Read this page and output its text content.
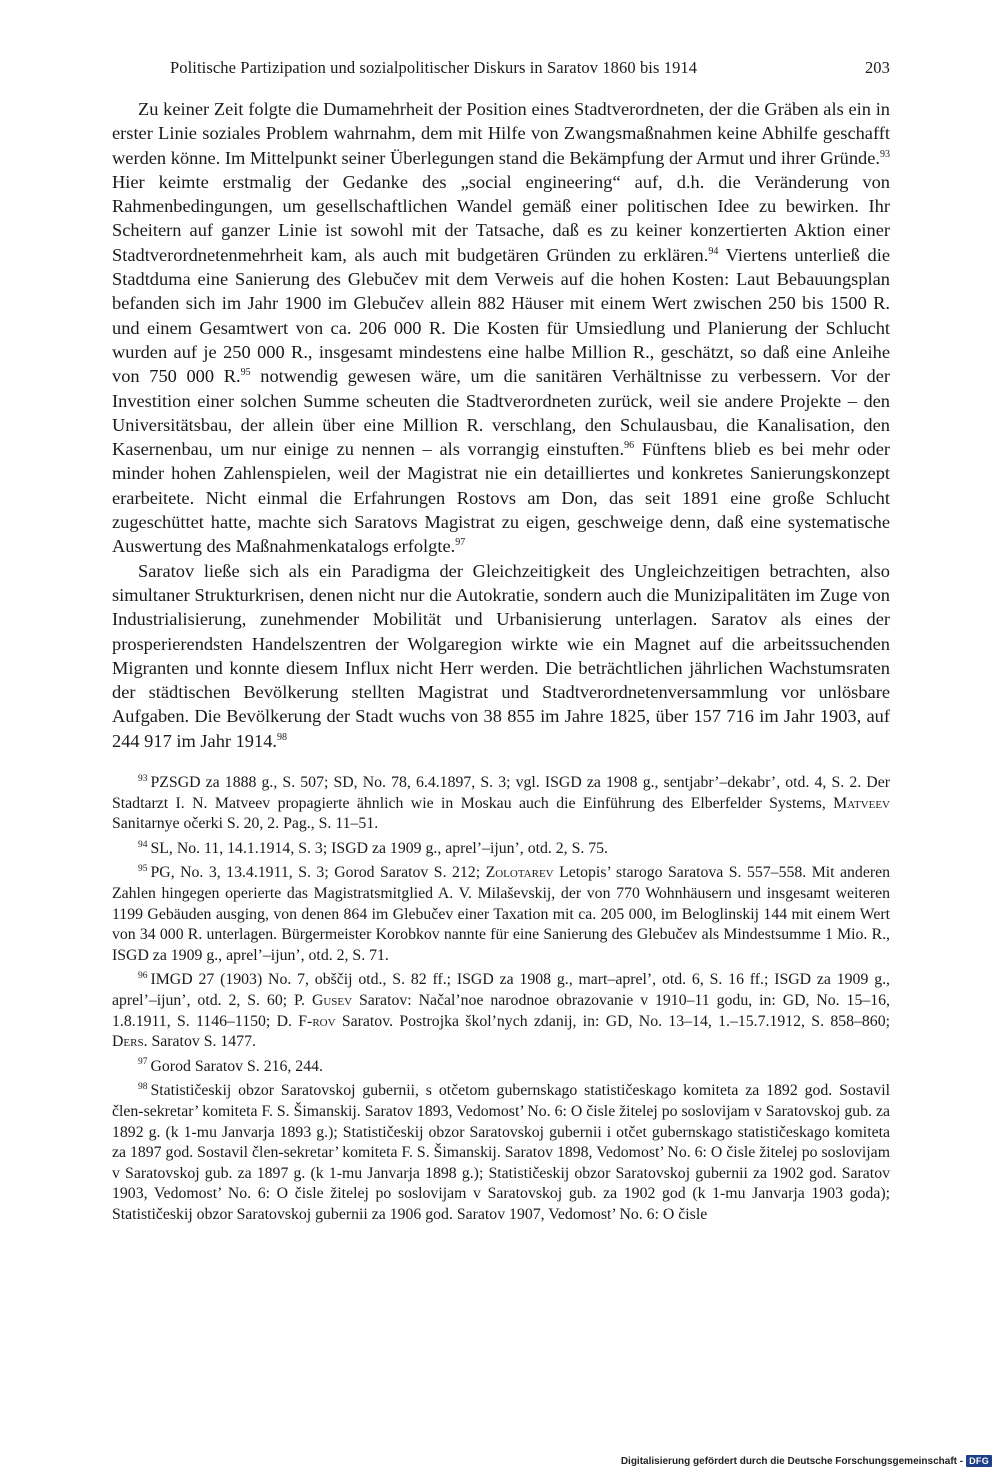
Politische Partizipation und sozialpolitischer Diskurs in Saratov 1860 bis 1914	203

Zu keiner Zeit folgte die Dumamehrheit der Position eines Stadtverordneten, der die Gräben als ein in erster Linie soziales Problem wahrnahm, dem mit Hilfe von Zwangsmaßnahmen keine Abhilfe geschafft werden könne. Im Mittelpunkt seiner Überlegungen stand die Bekämpfung der Armut und ihrer Gründe.$^{93}$ Hier keimte erstmalig der Gedanke des „social engineering“ auf, d.h. die Veränderung von Rahmenbedingungen, um gesellschaftlichen Wandel gemäß einer politischen Idee zu bewirken. Ihr Scheitern auf ganzer Linie ist sowohl mit der Tatsache, daß es zu keiner konzertierten Aktion einer Stadtverordnetenmehrheit kam, als auch mit budgetären Gründen zu erklären.$^{94}$ Viertens unterließ die Stadtduma eine Sanierung des Glebučev mit dem Verweis auf die hohen Kosten: Laut Bebauungsplan befanden sich im Jahr 1900 im Glebučev allein 882 Häuser mit einem Wert zwischen 250 bis 1500 R. und einem Gesamtwert von ca. 206 000 R. Die Kosten für Umsiedlung und Planierung der Schlucht wurden auf je 250 000 R., insgesamt mindestens eine halbe Million R., geschätzt, so daß eine Anleihe von 750 000 R.$^{95}$ notwendig gewesen wäre, um die sanitären Verhältnisse zu verbessern. Vor der Investition einer solchen Summe scheuten die Stadtverordneten zurück, weil sie andere Projekte – den Universitätsbau, der allein über eine Million R. verschlang, den Schulausbau, die Kanalisation, den Kasernenbau, um nur einige zu nennen – als vorrangig einstuften.$^{96}$ Fünftens blieb es bei mehr oder minder hohen Zahlenspielen, weil der Magistrat nie ein detailliertes und konkretes Sanierungskonzept erarbeitete. Nicht einmal die Erfahrungen Rostovs am Don, das seit 1891 eine große Schlucht zugeschüttet hatte, machte sich Saratovs Magistrat zu eigen, geschweige denn, daß eine systematische Auswertung des Maßnahmenkatalogs erfolgte.$^{97}$

Saratov ließe sich als ein Paradigma der Gleichzeitigkeit des Ungleichzeitigen betrachten, also simultaner Strukturkrisen, denen nicht nur die Autokratie, sondern auch die Munizipalitäten im Zuge von Industrialisierung, zunehmender Mobilität und Urbanisierung unterlagen. Saratov als eines der prosperierendsten Handelszentren der Wolgaregion wirkte wie ein Magnet auf die arbeitssuchenden Migranten und konnte diesem Influx nicht Herr werden. Die beträchtlichen jährlichen Wachstumsraten der städtischen Bevölkerung stellten Magistrat und Stadtverordnetenversammlung vor unlösbare Aufgaben. Die Bevölkerung der Stadt wuchs von 38 855 im Jahre 1825, über 157 716 im Jahr 1903, auf 244 917 im Jahr 1914.98

$^{93}$ PZSGD za 1888 g., S. 507; SD, No. 78, 6.4.1897, S. 3; vgl. ISGD za 1908 g., sentjabr’–dekabr’, otd. 4, S. 2. Der Stadtarzt I. N. Matveev propagierte ähnlich wie in Moskau auch die Einführung des Elberfelder Systems, Matveev Sanitarnye očerki S. 20, 2. Pag., S. 11–51.

$^{94}$ SL, No. 11, 14.1.1914, S. 3; ISGD za 1909 g., aprel’–ijun’, otd. 2, S. 75.

$^{95}$ PG, No. 3, 13.4.1911, S. 3; Gorod Saratov S. 212; Zolotarev Letopis’ starogo Saratova S. 557–558. Mit anderen Zahlen hingegen operierte das Magistratsmitglied A. V. Milaševskij, der von 770 Wohnhäusern und insgesamt weiteren 1199 Gebäuden ausging, von denen 864 im Glebučev einer Taxation mit ca. 205 000, im Beloglinskij 144 mit einem Wert von 34 000 R. unterlagen. Bürgermeister Korobkov nannte für eine Sanierung des Glebučev als Mindestsumme 1 Mio. R., ISGD za 1909 g., aprel’–ijun’, otd. 2, S. 71.

$^{96}$ IMGD 27 (1903) No. 7, obščij otd., S. 82 ff.; ISGD za 1908 g., mart–aprel’, otd. 6, S. 16 ff.; ISGD za 1909 g., aprel’–ijun’, otd. 2, S. 60; P. Gusev Saratov: Načal’noe narodnoe obrazovanie v 1910–11 godu, in: GD, No. 15–16, 1.8.1911, S. 1146–1150; D. F-rov Saratov. Postrojka škol’nych zdanij, in: GD, No. 13–14, 1.–15.7.1912, S. 858–860; Ders. Saratov S. 1477.

$^{97}$ Gorod Saratov S. 216, 244.

$^{98}$ Statističeskij obzor Saratovskoj gubernii, s otčetom gubernskago statističeskago komiteta za 1892 god. Sostavil člen-sekretar’ komiteta F. S. Šimanskij. Saratov 1893, Vedomost’ No. 6: O čisle žitelej po soslovijam v Saratovskoj gub. za 1892 g. (k 1-mu Janvarja 1893 g.); Statističeskij obzor Saratovskoj gubernii i otčet gubernskago statističeskago komiteta za 1897 god. Sostavil člen-sekretar’ komiteta F. S. Šimanskij. Saratov 1898, Vedomost’ No. 6: O čisle žitelej po soslovijam v Saratovskoj gub. za 1897 g. (k 1-mu Janvarja 1898 g.); Statističeskij obzor Saratovskoj gubernii za 1902 god. Saratov 1903, Vedomost’ No. 6: O čisle žitelej po soslovijam v Saratovskoj gub. za 1902 god (k 1-mu Janvarja 1903 goda); Statističeskij obzor Saratovskoj gubernii za 1906 god. Saratov 1907, Vedomost’ No. 6: O čisle

Digitalisierung gefördert durch die Deutsche Forschungsgemeinschaft - DFG
